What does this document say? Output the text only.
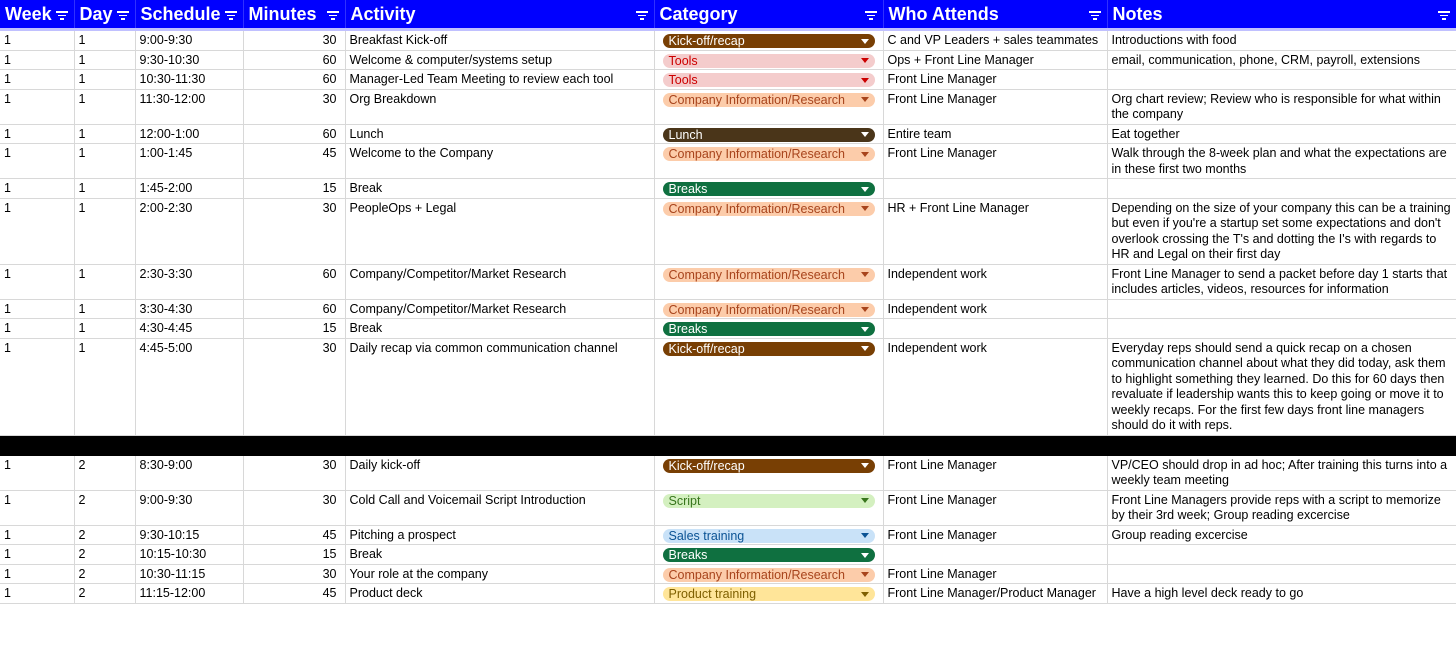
Week	Day	Schedule	Minutes	Activity	Category	Who Attends	Notes

1	1	9:00-9:30	30	Breakfast Kick-off	Kick-off/recap	C and VP Leaders + sales teammates	Introductions with food
1	1	9:30-10:30	60	Welcome & computer/systems setup	Tools	Ops + Front Line Manager	email, communication, phone, CRM, payroll, extensions
1	1	10:30-11:30	60	Manager-Led Team Meeting to review each tool	Tools	Front Line Manager	
1	1	11:30-12:00	30	Org Breakdown	Company Information/Research	Front Line Manager	Org chart review; Review who is responsible for what within the company
1	1	12:00-1:00	60	Lunch	Lunch	Entire team	Eat together
1	1	1:00-1:45	45	Welcome to the Company	Company Information/Research	Front Line Manager	Walk through the 8-week plan and what the expectations are in these first two months
1	1	1:45-2:00	15	Break	Breaks		

1	1	2:00-2:30	30	PeopleOps + Legal	Company Information/Research	HR + Front Line Manager	Depending on the size of your company this can be a training but even if you're a startup set some expectations and don't overlook crossing the T's and dotting the I's with regards to HR and Legal on their first day
1	1	2:30-3:30	60	Company/Competitor/Market Research	Company Information/Research	Independent work	Front Line Manager to send a packet before day 1 starts that includes articles, videos, resources for information
1	1	3:30-4:30	60	Company/Competitor/Market Research	Company Information/Research	Independent work	
1	1	4:30-4:45	15	Break	Breaks		

1	1	4:45-5:00	30	Daily recap via common communication channel	Kick-off/recap	Independent work	Everyday reps should send a quick recap on a chosen communication channel about what they did today, ask them to highlight something they learned. Do this for 60 days then revaluate if leadership wants this to keep going or move it to weekly recaps. For the first few days front line managers should do it with reps.

1	2	8:30-9:00	30	Daily kick-off	Kick-off/recap	Front Line Manager	VP/CEO should drop in ad hoc; After training this turns into a weekly team meeting
1	2	9:00-9:30	30	Cold Call and Voicemail Script Introduction	Script	Front Line Manager	Front Line Managers provide reps with a script to memorize by their 3rd week; Group reading excercise
1	2	9:30-10:15	45	Pitching a prospect	Sales training	Front Line Manager	Group reading excercise
1	2	10:15-10:30	15	Break	Breaks		

1	2	10:30-11:15	30	Your role at the company	Company Information/Research	Front Line Manager	
1	2	11:15-12:00	45	Product deck	Product training	Front Line Manager/Product Manager	Have a high level deck ready to go
